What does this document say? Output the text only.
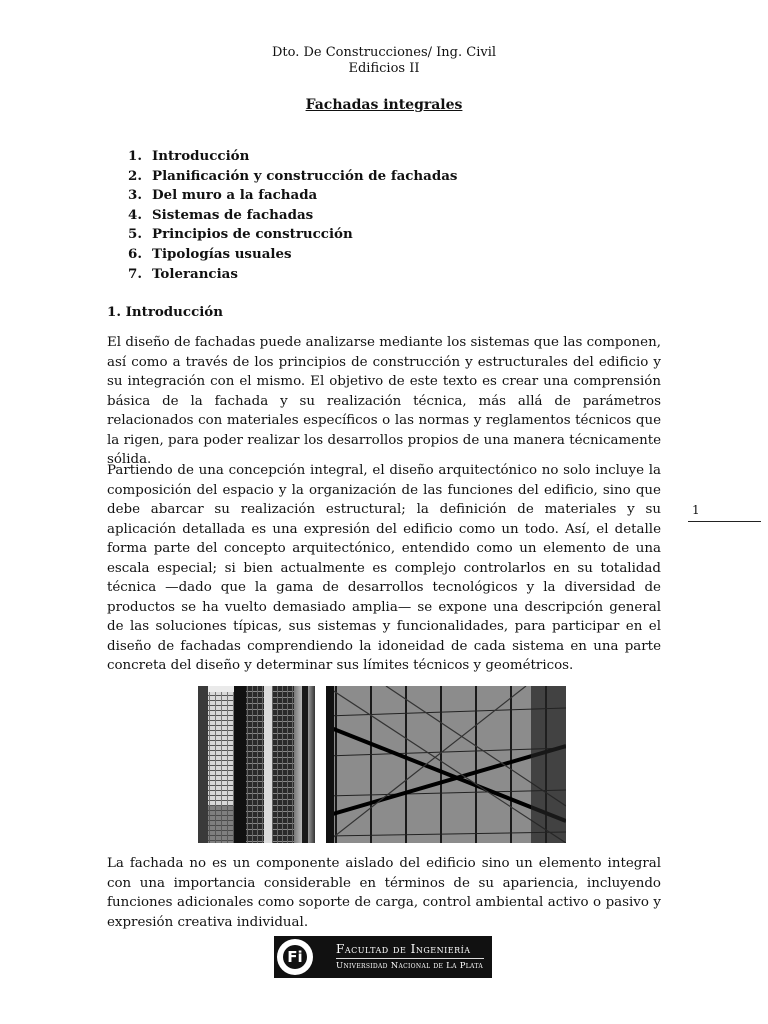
Dto. De Construcciones/ Ing. Civil
Edificios II
Fachadas integrales
1. Introducción
2. Planificación y construcción de fachadas
3. Del muro a la fachada
4. Sistemas de fachadas
5. Principios de construcción
6. Tipologías usuales
7. Tolerancias
1. Introducción

El diseño de fachadas puede analizarse mediante los sistemas que las componen, así como a través de los principios de construcción y estructurales del edificio y su integración con el mismo. El objetivo de este texto es crear una comprensión básica de la fachada y su realización técnica, más allá de parámetros relacionados con materiales específicos o las normas y reglamentos técnicos que la rigen, para poder realizar los desarrollos propios de una manera técnicamente sólida.

Partiendo de una concepción integral, el diseño arquitectónico no solo incluye la composición del espacio y la organización de las funciones del edificio, sino que debe abarcar su realización estructural; la definición de materiales y su aplicación detallada es una expresión del edificio como un todo. Así, el detalle forma parte del concepto arquitectónico, entendido como un elemento de una escala especial; si bien actualmente es complejo controlarlos en su totalidad técnica —dado que la gama de desarrollos tecnológicos y la diversidad de productos se ha vuelto demasiado amplia— se expone una descripción general de las soluciones típicas, sus sistemas y funcionalidades, para participar en el diseño de fachadas comprendiendo la idoneidad de cada sistema en una parte concreta del diseño y determinar sus límites técnicos y geométricos.

1

La fachada no es un componente aislado del edificio sino un elemento integral con una importancia considerable en términos de su apariencia, incluyendo funciones adicionales como soporte de carga, control ambiental activo o pasivo y expresión creativa individual.

Fi	Facultad de Ingeniería
Universidad Nacional de La Plata
